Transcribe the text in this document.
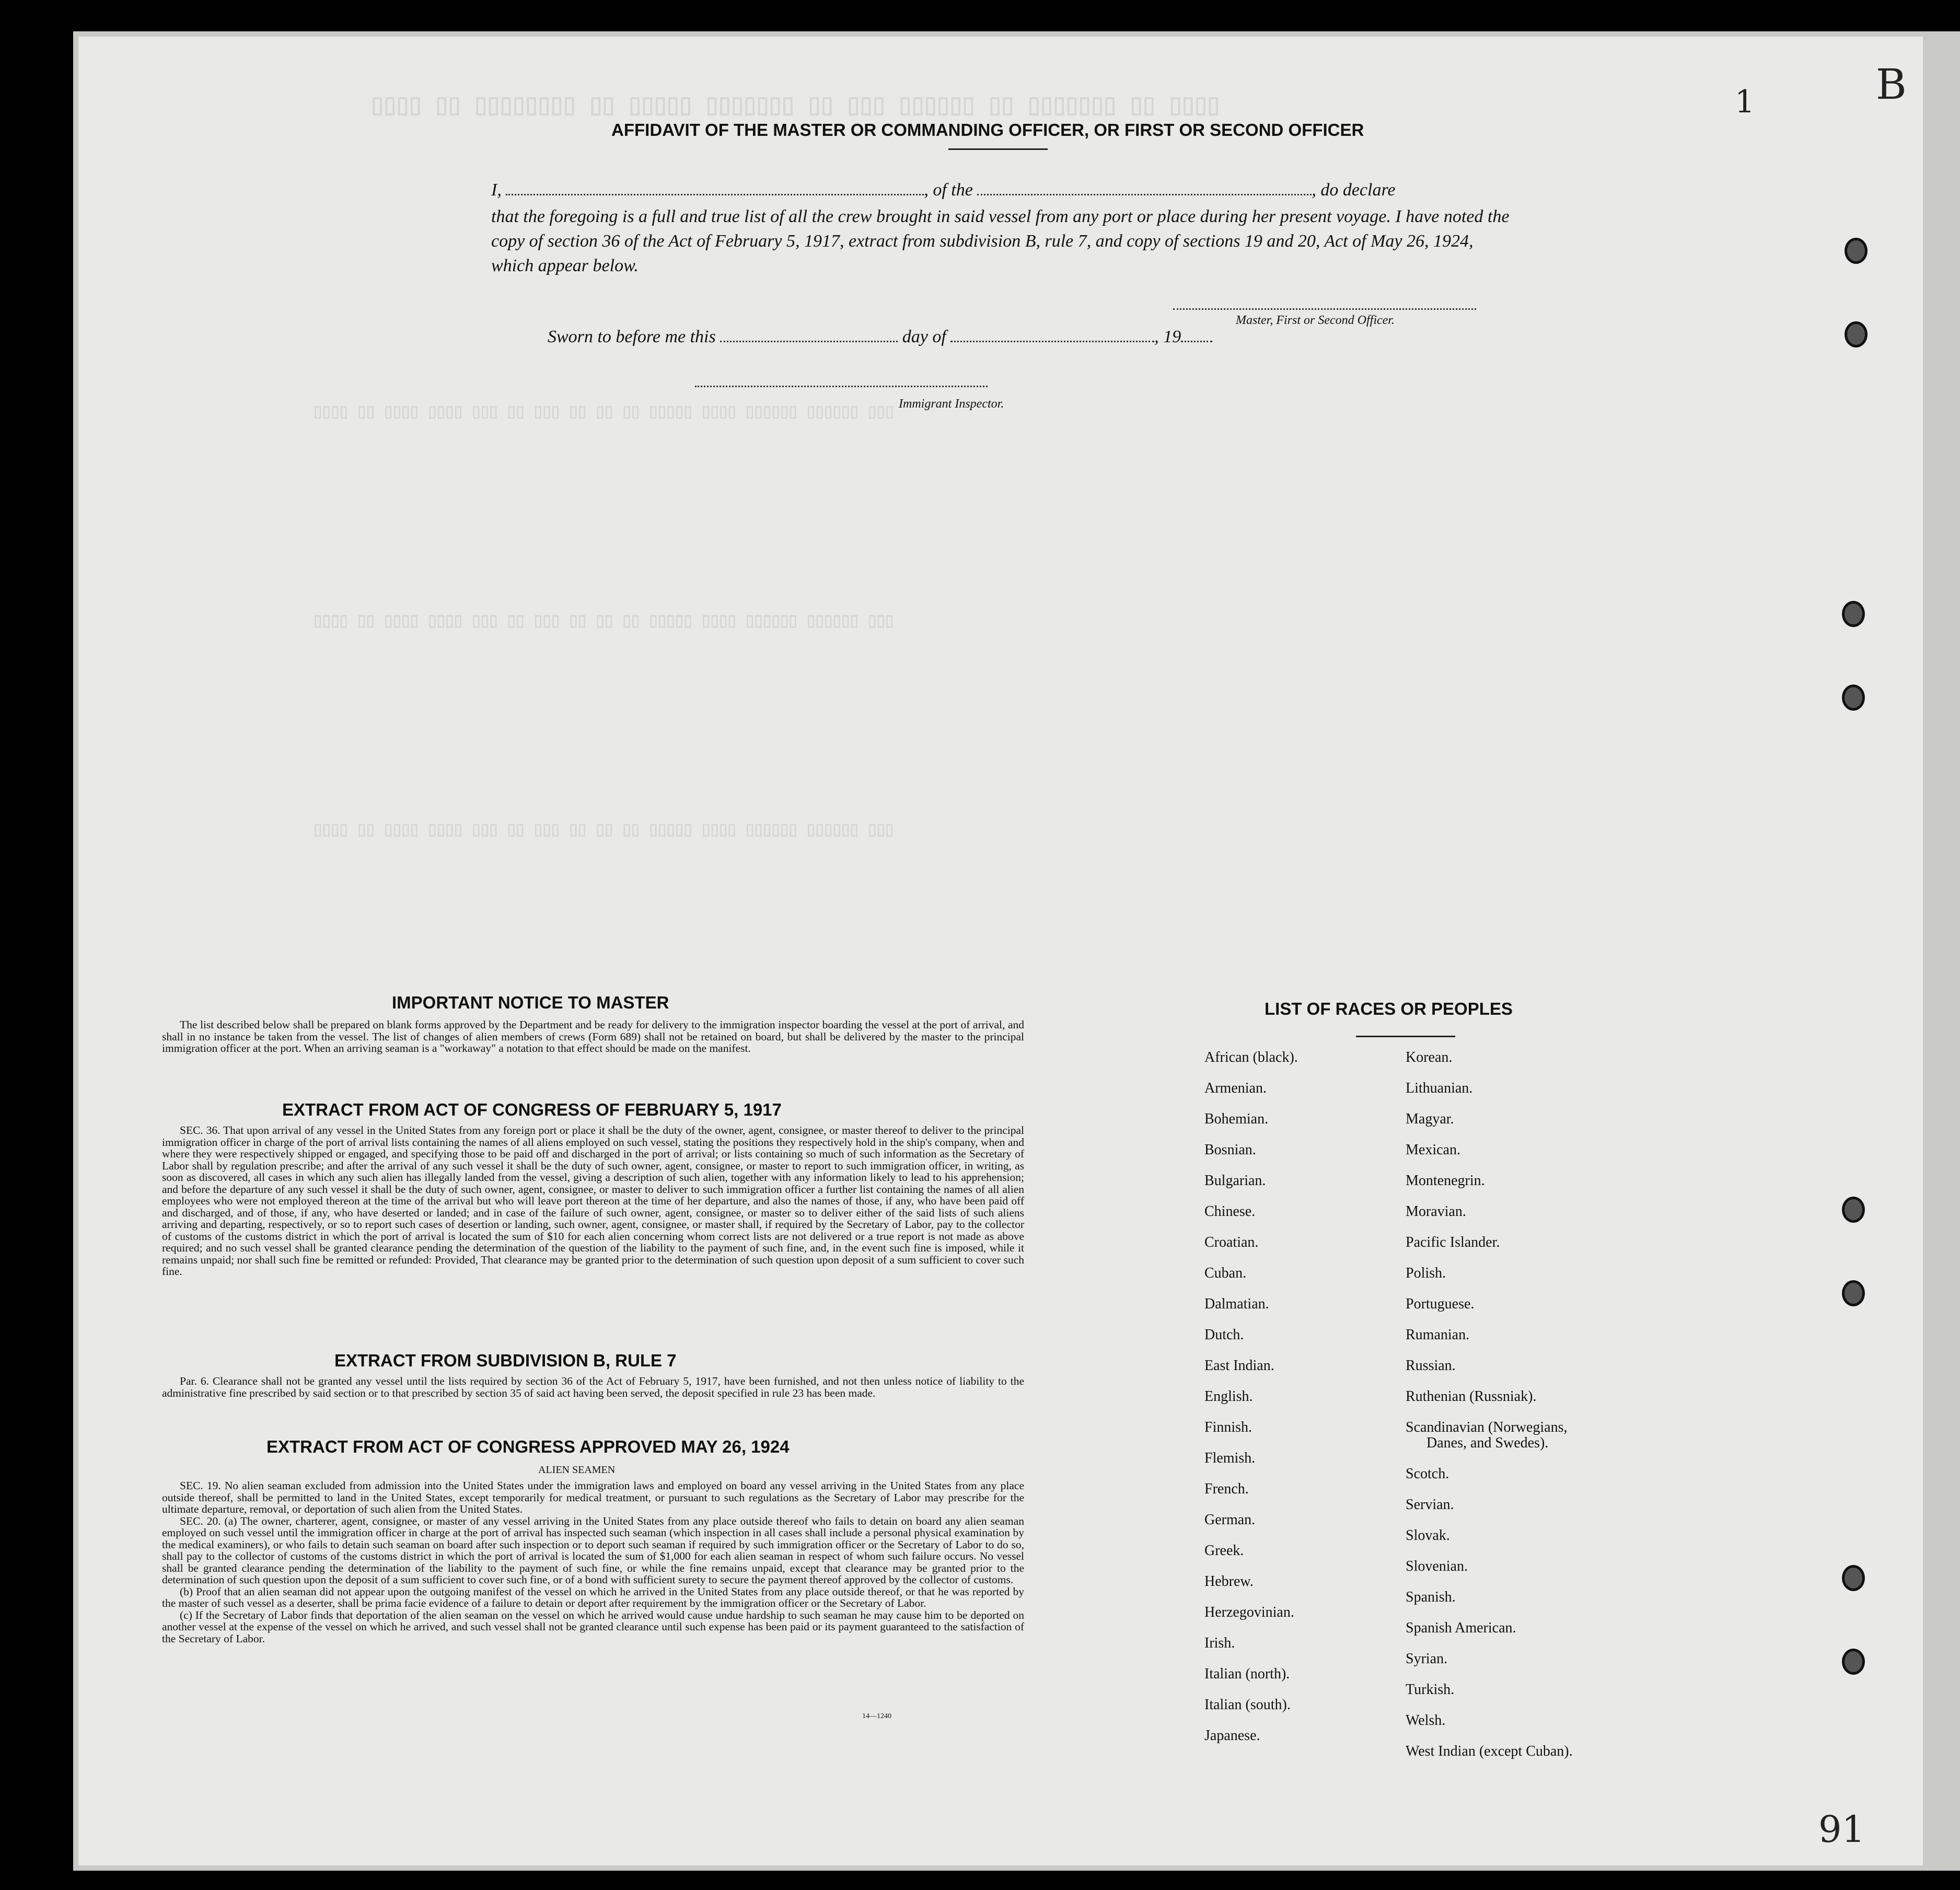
▯▯▯▯ ▯▯ ▯▯▯▯▯▯▯▯ ▯▯ ▯▯▯▯▯ ▯▯▯▯▯▯▯ ▯▯ ▯▯▯ ▯▯▯▯▯▯ ▯▯ ▯▯▯▯▯▯▯ ▯▯ ▯▯▯▯
▯▯▯▯ ▯▯ ▯▯▯▯ ▯▯▯▯ ▯▯▯ ▯▯ ▯▯▯ ▯▯ ▯▯ ▯▯ ▯▯▯▯▯ ▯▯▯▯ ▯▯▯▯▯▯ ▯▯▯▯▯▯ ▯▯▯
▯▯▯▯ ▯▯ ▯▯▯▯ ▯▯▯▯ ▯▯▯ ▯▯ ▯▯▯ ▯▯ ▯▯ ▯▯ ▯▯▯▯▯ ▯▯▯▯ ▯▯▯▯▯▯ ▯▯▯▯▯▯ ▯▯▯
▯▯▯▯ ▯▯ ▯▯▯▯ ▯▯▯▯ ▯▯▯ ▯▯ ▯▯▯ ▯▯ ▯▯ ▯▯ ▯▯▯▯▯ ▯▯▯▯ ▯▯▯▯▯▯ ▯▯▯▯▯▯ ▯▯▯
AFFIDAVIT OF THE MASTER OR COMMANDING OFFICER, OR FIRST OR SECOND OFFICER
I,	, of the	, do declare
that the foregoing is a full and true list of all the crew brought in said vessel from any port or place during her present voyage. I have noted the copy of section 36 of the Act of February 5, 1917, extract from subdivision B, rule 7, and copy of sections 19 and 20, Act of May 26, 1924, which appear below.
Master, First or Second Officer.
Sworn to before me this	day of	, 19
Immigrant Inspector.
IMPORTANT NOTICE TO MASTER

The list described below shall be prepared on blank forms approved by the Department and be ready for delivery to the immigration inspector boarding the vessel at the port of arrival, and shall in no instance be taken from the vessel. The list of changes of alien members of crews (Form 689) shall not be retained on board, but shall be delivered by the master to the principal immigration officer at the port. When an arriving seaman is a "workaway" a notation to that effect should be made on the manifest.

EXTRACT FROM ACT OF CONGRESS OF FEBRUARY 5, 1917

SEC. 36. That upon arrival of any vessel in the United States from any foreign port or place it shall be the duty of the owner, agent, consignee, or master thereof to deliver to the principal immigration officer in charge of the port of arrival lists containing the names of all aliens employed on such vessel, stating the positions they respectively hold in the ship's company, when and where they were respectively shipped or engaged, and specifying those to be paid off and discharged in the port of arrival; or lists containing so much of such information as the Secretary of Labor shall by regulation prescribe; and after the arrival of any such vessel it shall be the duty of such owner, agent, consignee, or master to report to such immigration officer, in writing, as soon as discovered, all cases in which any such alien has illegally landed from the vessel, giving a description of such alien, together with any information likely to lead to his apprehension; and before the departure of any such vessel it shall be the duty of such owner, agent, consignee, or master to deliver to such immigration officer a further list containing the names of all alien employees who were not employed thereon at the time of the arrival but who will leave port thereon at the time of her departure, and also the names of those, if any, who have been paid off and discharged, and of those, if any, who have deserted or landed; and in case of the failure of such owner, agent, consignee, or master so to deliver either of the said lists of such aliens arriving and departing, respectively, or so to report such cases of desertion or landing, such owner, agent, consignee, or master shall, if required by the Secretary of Labor, pay to the collector of customs of the customs district in which the port of arrival is located the sum of $10 for each alien concerning whom correct lists are not delivered or a true report is not made as above required; and no such vessel shall be granted clearance pending the determination of the question of the liability to the payment of such fine, and, in the event such fine is imposed, while it remains unpaid; nor shall such fine be remitted or refunded: Provided, That clearance may be granted prior to the determination of such question upon deposit of a sum sufficient to cover such fine.

EXTRACT FROM SUBDIVISION B, RULE 7

Par. 6. Clearance shall not be granted any vessel until the lists required by section 36 of the Act of February 5, 1917, have been furnished, and not then unless notice of liability to the administrative fine prescribed by said section or to that prescribed by section 35 of said act having been served, the deposit specified in rule 23 has been made.

EXTRACT FROM ACT OF CONGRESS APPROVED MAY 26, 1924
ALIEN SEAMEN

SEC. 19. No alien seaman excluded from admission into the United States under the immigration laws and employed on board any vessel arriving in the United States from any place outside thereof, shall be permitted to land in the United States, except temporarily for medical treatment, or pursuant to such regulations as the Secretary of Labor may prescribe for the ultimate departure, removal, or deportation of such alien from the United States.

SEC. 20. (a) The owner, charterer, agent, consignee, or master of any vessel arriving in the United States from any place outside thereof who fails to detain on board any alien seaman employed on such vessel until the immigration officer in charge at the port of arrival has inspected such seaman (which inspection in all cases shall include a personal physical examination by the medical examiners), or who fails to detain such seaman on board after such inspection or to deport such seaman if required by such immigration officer or the Secretary of Labor to do so, shall pay to the collector of customs of the customs district in which the port of arrival is located the sum of $1,000 for each alien seaman in respect of whom such failure occurs. No vessel shall be granted clearance pending the determination of the liability to the payment of such fine, or while the fine remains unpaid, except that clearance may be granted prior to the determination of such question upon the deposit of a sum sufficient to cover such fine, or of a bond with sufficient surety to secure the payment thereof approved by the collector of customs.

(b) Proof that an alien seaman did not appear upon the outgoing manifest of the vessel on which he arrived in the United States from any place outside thereof, or that he was reported by the master of such vessel as a deserter, shall be prima facie evidence of a failure to detain or deport after requirement by the immigration officer or the Secretary of Labor.

(c) If the Secretary of Labor finds that deportation of the alien seaman on the vessel on which he arrived would cause undue hardship to such seaman he may cause him to be deported on another vessel at the expense of the vessel on which he arrived, and such vessel shall not be granted clearance until such expense has been paid or its payment guaranteed to the satisfaction of the Secretary of Labor.

14—1240
LIST OF RACES OR PEOPLES
African (black).
Armenian.
Bohemian.
Bosnian.
Bulgarian.
Chinese.
Croatian.
Cuban.
Dalmatian.
Dutch.
East Indian.
English.
Finnish.
Flemish.
French.
German.
Greek.
Hebrew.
Herzegovinian.
Irish.
Italian (north).
Italian (south).
Japanese.
Korean.
Lithuanian.
Magyar.
Mexican.
Montenegrin.
Moravian.
Pacific Islander.
Polish.
Portuguese.
Rumanian.
Russian.
Ruthenian (Russniak).
Scandinavian (Norwegians,
Danes, and Swedes).
Scotch.
Servian.
Slovak.
Slovenian.
Spanish.
Spanish American.
Syrian.
Turkish.
Welsh.
West Indian (except Cuban).
B
1
91
